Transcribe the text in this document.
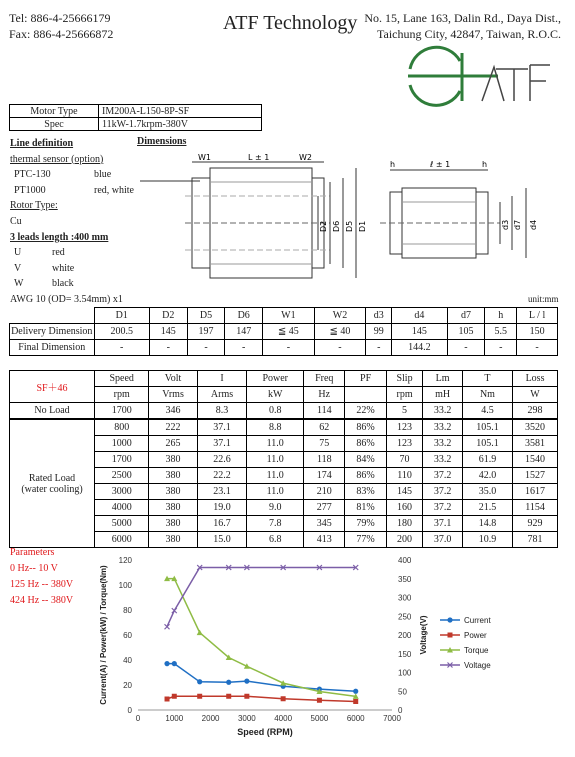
Tel: 886-4-25666179
Fax: 886-4-25666872	ATF Technology No. 15, Lane 163, Dalin Rd., Daya Dist.,
Taichung City, 42847, Taiwan, R.O.C.
Motor Type	IM200A-L150-8P-SF
Spec	11kW-1.7krpm-380V
Line definition
thermal sensor (option)
PTC-130	blue
PT1000	red, white
Rotor Type:
Cu
3 leads length :400 mm
U	red
V	white
W	black
AWG 10 (OD= 3.54mm) x1
Dimensions
unit:mm
W1	L ± 1	W2
D2 D6 D5 D1
h	ℓ ± 1	h
d3 d7 d4
	D1	D2	D5	D6	W1	W2	d3	d4	d7	h	L / l
Delivery Dimension	200.5	145	197	147	≦ 45	≦ 40	99	145	105	5.5	150
Final Dimension	-	-	-	-	-	-	-	144.2	-	-	-
SF＋46	Speed	Volt	I	Power	Freq	PF	Slip	Lm	T	Loss
	rpm	Vrms	Arms	kW	Hz		rpm	mH	Nm	W
No Load	1700	346	8.3	0.8	114	22%	5	33.2	4.5	298

Rated Load
(water cooling)	800	222	37.1	8.8	62	86%	123	33.2	105.1	3520
	1000	265	37.1	11.0	75	86%	123	33.2	105.1	3581
	1700	380	22.6	11.0	118	84%	70	33.2	61.9	1540
	2500	380	22.2	11.0	174	86%	110	37.2	42.0	1527
	3000	380	23.1	11.0	210	83%	145	37.2	35.0	1617
	4000	380	19.0	9.0	277	81%	160	37.2	21.5	1154
	5000	380	16.7	7.8	345	79%	180	37.1	14.8	929
	6000	380	15.0	6.8	413	77%	200	37.0	10.9	781
Parameters
0 Hz-- 10 V
125 Hz -- 380V
424 Hz -- 380V
0	1000 2000 3000 4000 5000 6000 7000
0
20
40
60
80
100
120
0
50
100
150
200
250
300
350
400
Speed (RPM)
Current(A) / Power(kW) / Torque(Nm)	Voltage(V)	Current
Power
Torque
Voltage
